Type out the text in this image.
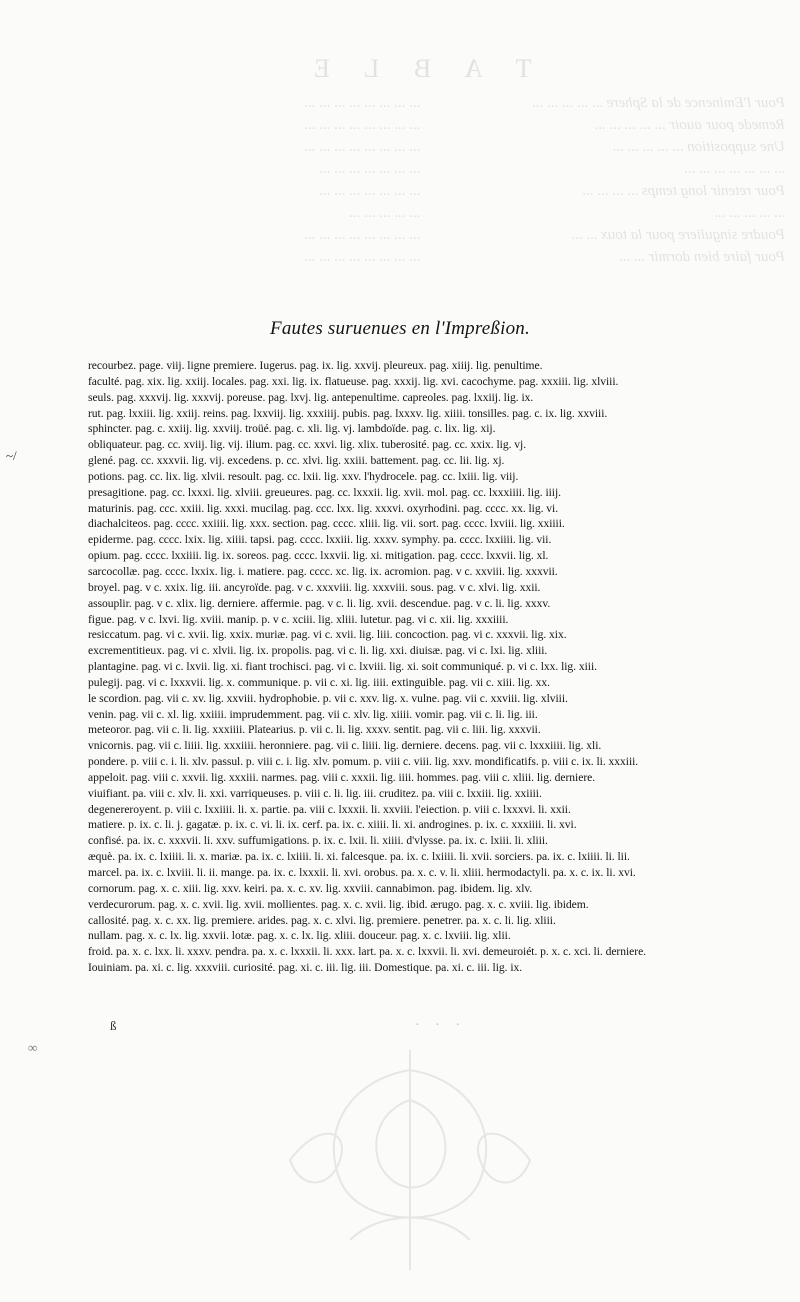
T A B L E
Pour l'Eminence de la Sphere ... ... ... ... ...
Remede pour auoir ... ... ... ... ...
Une supposition ... ... ... ... ...
... ... ... ... ... ... ...
Pour retenir long temps ... ... ... ...
... ... ... ... ...
Poudre singuliere pour la toux ... ...
Pour faire bien dormir ... ...
... ... ... ... ... ... ... ...
... ... ... ... ... ... ... ...
... ... ... ... ... ... ... ...
... ... ... ... ... ... ...
... ... ... ... ... ... ...
... ... ... ... ...
... ... ... ... ... ... ... ...
... ... ... ... ... ... ... ...
Fautes suruenues en l'Impreßion.
~/
ß
∞
recourbez. page. viij. ligne premiere. Iugerus. pag. ix. lig. xxvij. pleureux. pag. xiiij. lig. penultime.
faculté. pag. xix. lig. xxiij. locales. pag. xxi. lig. ix. flatueuse. pag. xxxij. lig. xvi. cacochyme. pag. xxxiii. lig. xlviii.
seuls. pag. xxxvij. lig. xxxvij. poreuse. pag. lxvj. lig. antepenultime. capreoles. pag. lxxiij. lig. ix.
rut. pag. lxxiii. lig. xxiij. reins. pag. lxxviij. lig. xxxiiij. pubis. pag. lxxxv. lig. xiiii. tonsilles. pag. c. ix. lig. xxviii.
sphincter. pag. c. xxiij. lig. xxviij. troüé. pag. c. xli. lig. vj. lambdoïde. pag. c. lix. lig. xij.
obliquateur. pag. cc. xviij. lig. vij. ilium. pag. cc. xxvi. lig. xlix. tuberosité. pag. cc. xxix. lig. vj.
glené. pag. cc. xxxvii. lig. vij. excedens. p. cc. xlvi. lig. xxiii. battement. pag. cc. lii. lig. xj.
potions. pag. cc. lix. lig. xlvii. resoult. pag. cc. lxii. lig. xxv. l'hydrocele. pag. cc. lxiii. lig. viij.
presagitione. pag. cc. lxxxi. lig. xlviii. greueures. pag. cc. lxxxii. lig. xvii. mol. pag. cc. lxxxiiii. lig. iiij.
maturinis. pag. ccc. xxiii. lig. xxxi. mucilag. pag. ccc. lxx. lig. xxxvi. oxyrhodini. pag. cccc. xx. lig. vi.
diachalciteos. pag. cccc. xxiiii. lig. xxx. section. pag. cccc. xliii. lig. vii. sort. pag. cccc. lxviii. lig. xxiiii.
epiderme. pag. cccc. lxix. lig. xiiii. tapsi. pag. cccc. lxxiii. lig. xxxv. symphy. pa. cccc. lxxiiii. lig. vii.
opium. pag. cccc. lxxiiii. lig. ix. soreos. pag. cccc. lxxvii. lig. xi. mitigation. pag. cccc. lxxvii. lig. xl.
sarcocollæ. pag. cccc. lxxix. lig. i. matiere. pag. cccc. xc. lig. ix. acromion. pag. v c. xxviii. lig. xxxvii.
broyel. pag. v c. xxix. lig. iii. ancyroïde. pag. v c. xxxviii. lig. xxxviii. sous. pag. v c. xlvi. lig. xxii.
assouplir. pag. v c. xlix. lig. derniere. affermie. pag. v c. li. lig. xvii. descendue. pag. v c. li. lig. xxxv.
figue. pag. v c. lxvi. lig. xviii. manip. p. v c. xciii. lig. xliii. lutetur. pag. vi c. xii. lig. xxxiiii.
resiccatum. pag. vi c. xvii. lig. xxix. muriæ. pag. vi c. xvii. lig. liii. concoction. pag. vi c. xxxvii. lig. xix.
excrementitieux. pag. vi c. xlvii. lig. ix. propolis. pag. vi c. li. lig. xxi. diuisæ. pag. vi c. lxi. lig. xliii.
plantagine. pag. vi c. lxvii. lig. xi. fiant trochisci. pag. vi c. lxviii. lig. xi. soit communiqué. p. vi c. lxx. lig. xiii.
pulegij. pag. vi c. lxxxvii. lig. x. communique. p. vii c. xi. lig. iiii. extinguible. pag. vii c. xiii. lig. xx.
le scordion. pag. vii c. xv. lig. xxviii. hydrophobie. p. vii c. xxv. lig. x. vulne. pag. vii c. xxviii. lig. xlviii.
venin. pag. vii c. xl. lig. xxiiii. imprudemment. pag. vii c. xlv. lig. xiiii. vomir. pag. vii c. li. lig. iii.
meteoror. pag. vii c. li. lig. xxxiiii. Platearius. p. vii c. li. lig. xxxv. sentit. pag. vii c. liii. lig. xxxvii.
vnicornis. pag. vii c. liiii. lig. xxxiiii. heronniere. pag. vii c. liiii. lig. derniere. decens. pag. vii c. lxxxiiii. lig. xli.
pondere. p. viii c. i. li. xlv. passul. p. viii c. i. lig. xlv. pomum. p. viii c. viii. lig. xxv. mondificatifs. p. viii c. ix. li. xxxiii.
appeloit. pag. viii c. xxvii. lig. xxxiii. narmes. pag. viii c. xxxii. lig. iiii. hommes. pag. viii c. xliii. lig. derniere.
viuifiant. pa. viii c. xlv. li. xxi. varriqueuses. p. viii c. li. lig. iii. cruditez. pa. viii c. lxxiii. lig. xxiiii.
degenereroyent. p. viii c. lxxiiii. li. x. partie. pa. viii c. lxxxii. li. xxviii. l'eiection. p. viii c. lxxxvi. li. xxii.
matiere. p. ix. c. li. j. gagatæ. p. ix. c. vi. li. ix. cerf. pa. ix. c. xiiii. li. xi. androgines. p. ix. c. xxxiiii. li. xvi.
confisé. pa. ix. c. xxxvii. li. xxv. suffumigations. p. ix. c. lxii. li. xiiii. d'vlysse. pa. ix. c. lxiii. li. xliii.
æquè. pa. ix. c. lxiiii. li. x. mariæ. pa. ix. c. lxiiii. li. xi. falcesque. pa. ix. c. lxiiii. li. xvii. sorciers. pa. ix. c. lxiiii. li. lii.
marcel. pa. ix. c. lxviii. li. ii. mange. pa. ix. c. lxxxii. li. xvi. orobus. pa. x. c. v. li. xliii. hermodactyli. pa. x. c. ix. li. xvi.
cornorum. pag. x. c. xiii. lig. xxv. keiri. pa. x. c. xv. lig. xxviii. cannabimon. pag. ibidem. lig. xlv.
verdecurorum. pag. x. c. xvii. lig. xvii. mollientes. pag. x. c. xvii. lig. ibid. ærugo. pag. x. c. xviii. lig. ibidem.
callosité. pag. x. c. xx. lig. premiere. arides. pag. x. c. xlvi. lig. premiere. penetrer. pa. x. c. li. lig. xliii.
nullam. pag. x. c. lx. lig. xxvii. lotæ. pag. x. c. lx. lig. xliii. douceur. pag. x. c. lxviii. lig. xlii.
froid. pa. x. c. lxx. li. xxxv. pendra. pa. x. c. lxxxii. li. xxx. lart. pa. x. c. lxxvii. li. xvi. demeuroiét. p. x. c. xci. li. derniere.
Iouiniam. pa. xi. c. lig. xxxviii. curiosité. pag. xi. c. iii. lig. iii. Domestique. pa. xi. c. iii. lig. ix.
· · ·
